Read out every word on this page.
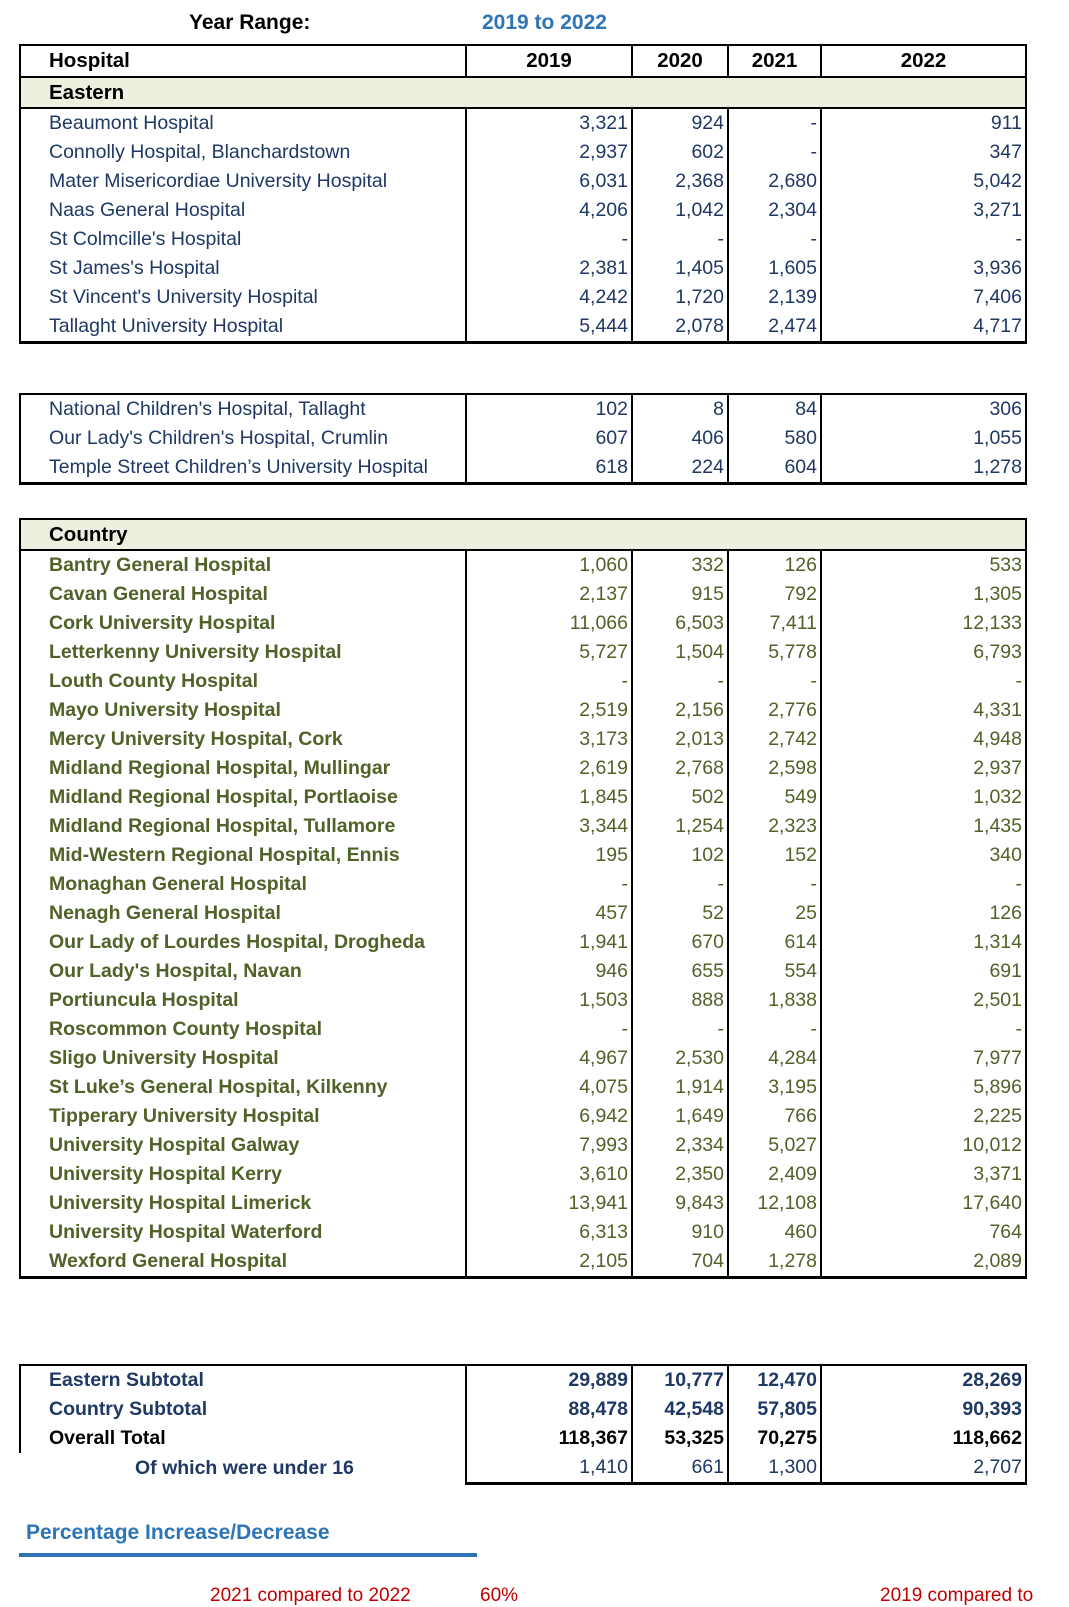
Year Range:	2019 to 2022
Hospital	2019	2020	2021	2022
Eastern				
Beaumont Hospital	3,321	924	-	911
Connolly Hospital, Blanchardstown	2,937	602	-	347
Mater Misericordiae University Hospital	6,031	2,368	2,680	5,042
Naas General Hospital	4,206	1,042	2,304	3,271
St Colmcille's Hospital	-	-	-	-
St James's Hospital	2,381	1,405	1,605	3,936
St Vincent's University Hospital	4,242	1,720	2,139	7,406
Tallaght University Hospital	5,444	2,078	2,474	4,717
National Children's Hospital, Tallaght	102	8	84	306
Our Lady's Children's Hospital, Crumlin	607	406	580	1,055
Temple Street Children’s University Hospital	618	224	604	1,278
Country				
Bantry General Hospital	1,060	332	126	533
Cavan General Hospital	2,137	915	792	1,305
Cork University Hospital	11,066	6,503	7,411	12,133
Letterkenny University Hospital	5,727	1,504	5,778	6,793
Louth County Hospital	-	-	-	-
Mayo University Hospital	2,519	2,156	2,776	4,331
Mercy University Hospital, Cork	3,173	2,013	2,742	4,948
Midland Regional Hospital, Mullingar	2,619	2,768	2,598	2,937
Midland Regional Hospital, Portlaoise	1,845	502	549	1,032
Midland Regional Hospital, Tullamore	3,344	1,254	2,323	1,435
Mid-Western Regional Hospital, Ennis	195	102	152	340
Monaghan General Hospital	-	-	-	-
Nenagh General Hospital	457	52	25	126
Our Lady of Lourdes Hospital, Drogheda	1,941	670	614	1,314
Our Lady's Hospital, Navan	946	655	554	691
Portiuncula Hospital	1,503	888	1,838	2,501
Roscommon County Hospital	-	-	-	-
Sligo University Hospital	4,967	2,530	4,284	7,977
St Luke’s General Hospital, Kilkenny	4,075	1,914	3,195	5,896
Tipperary University Hospital	6,942	1,649	766	2,225
University Hospital Galway	7,993	2,334	5,027	10,012
University Hospital Kerry	3,610	2,350	2,409	3,371
University Hospital Limerick	13,941	9,843	12,108	17,640
University Hospital Waterford	6,313	910	460	764
Wexford General Hospital	2,105	704	1,278	2,089
Eastern Subtotal	29,889	10,777	12,470	28,269
Country Subtotal	88,478	42,548	57,805	90,393
Overall Total	118,367	53,325	70,275	118,662
Of which were under 16	1,410	661	1,300	2,707
Percentage Increase/Decrease
2021 compared to 2022	60%	2019 compared to
